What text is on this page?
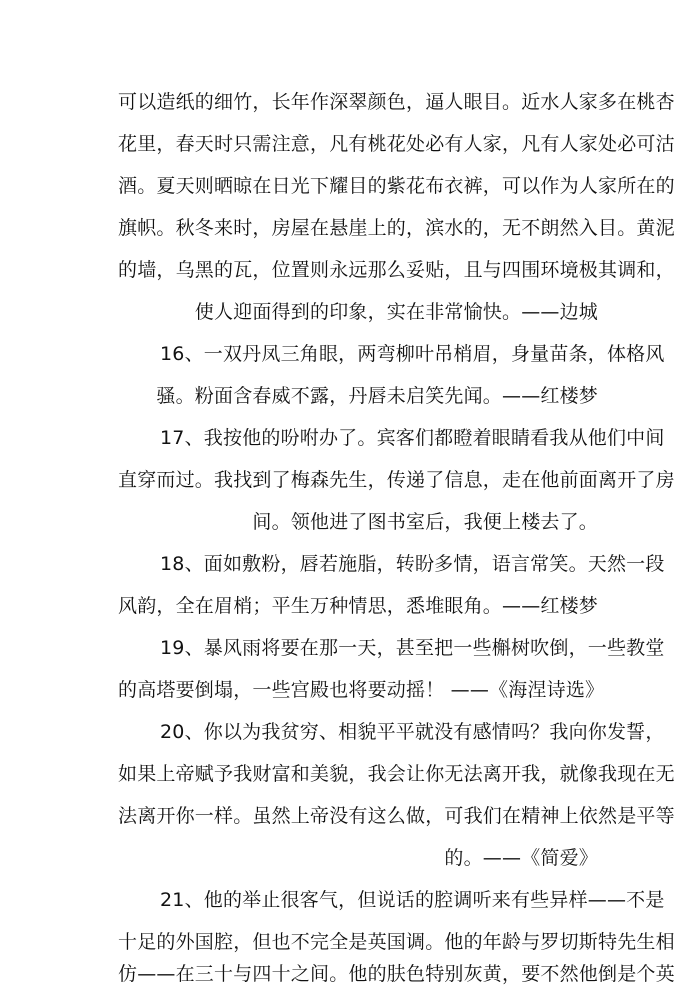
可以造纸的细竹，长年作深翠颜色，逼人眼目。近水人家多在桃杏
花里，春天时只需注意，凡有桃花处必有人家，凡有人家处必可沽
酒。夏天则晒晾在日光下耀目的紫花布衣裤，可以作为人家所在的
旗帜。秋冬来时，房屋在悬崖上的，滨水的，无不朗然入目。黄泥
的墙，乌黑的瓦，位置则永远那么妥贴，且与四围环境极其调和，
使人迎面得到的印象，实在非常愉快。——边城
16、一双丹凤三角眼，两弯柳叶吊梢眉，身量苗条，体格风
骚。粉面含春威不露，丹唇未启笑先闻。——红楼梦
17、我按他的吩咐办了。宾客们都瞪着眼睛看我从他们中间
直穿而过。我找到了梅森先生，传递了信息，走在他前面离开了房
间。领他进了图书室后，我便上楼去了。
18、面如敷粉，唇若施脂，转盼多情，语言常笑。天然一段
风韵，全在眉梢；平生万种情思，悉堆眼角。——红楼梦
19、暴风雨将要在那一天，甚至把一些槲树吹倒，一些教堂
的高塔要倒塌，一些宫殿也将要动摇！ ——《海涅诗选》
20、你以为我贫穷、相貌平平就没有感情吗？我向你发誓，
如果上帝赋予我财富和美貌，我会让你无法离开我，就像我现在无
法离开你一样。虽然上帝没有这么做，可我们在精神上依然是平等
的。——《简爱》
21、他的举止很客气，但说话的腔调听来有些异样——不是
十足的外国腔，但也不完全是英国调。他的年龄与罗切斯特先生相
仿——在三十与四十之间。他的肤色特别灰黄，要不然他倒是个英
